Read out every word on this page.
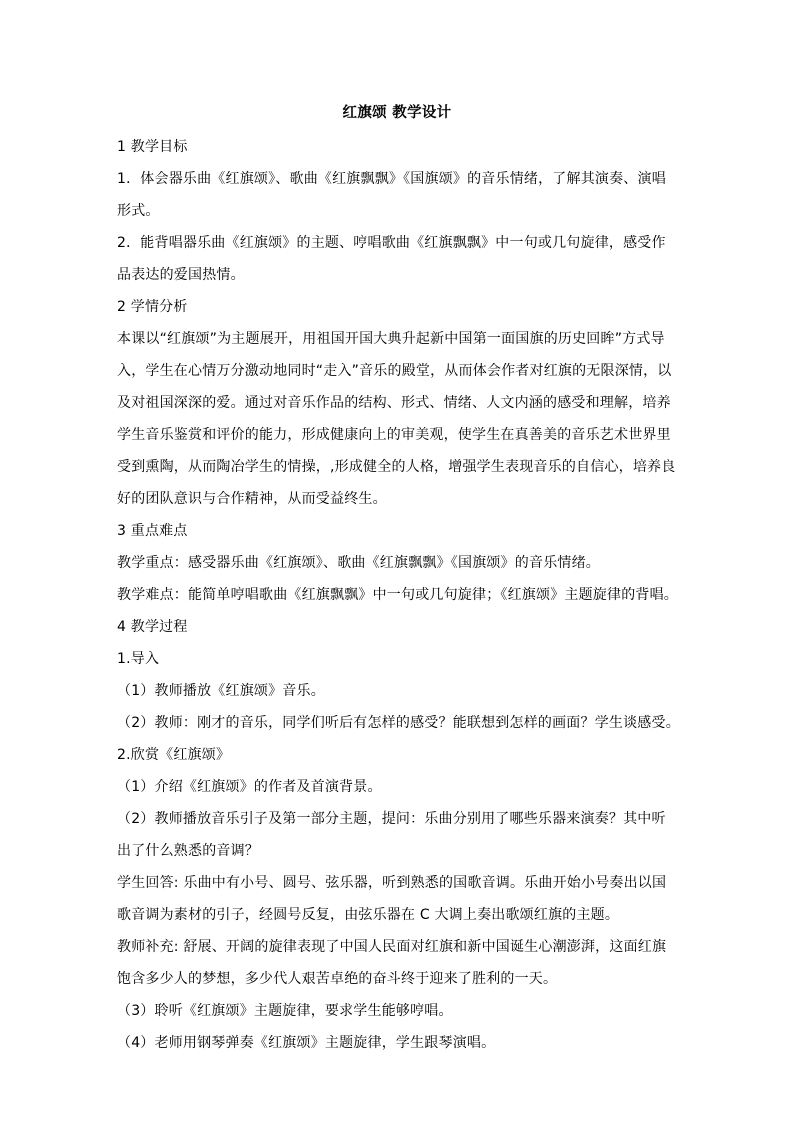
红旗颂 教学设计

1 教学目标

1．体会器乐曲《红旗颂》、歌曲《红旗飘飘》《国旗颂》的音乐情绪，了解其演奏、演唱形式。

2．能背唱器乐曲《红旗颂》的主题、哼唱歌曲《红旗飘飘》中一句或几句旋律，感受作品表达的爱国热情。

2 学情分析

本课以“红旗颂”为主题展开，用祖国开国大典升起新中国第一面国旗的历史回眸”方式导入，学生在心情万分激动地同时“走入”音乐的殿堂，从而体会作者对红旗的无限深情，以及对祖国深深的爱。通过对音乐作品的结构、形式、情绪、人文内涵的感受和理解，培养学生音乐鉴赏和评价的能力，形成健康向上的审美观，使学生在真善美的音乐艺术世界里受到熏陶，从而陶冶学生的情操，,形成健全的人格，增强学生表现音乐的自信心，培养良好的团队意识与合作精神，从而受益终生。

3 重点难点

教学重点：感受器乐曲《红旗颂》、歌曲《红旗飘飘》《国旗颂》的音乐情绪。

教学难点：能简单哼唱歌曲《红旗飘飘》中一句或几句旋律；《红旗颂》主题旋律的背唱。

4 教学过程

1.导入

（1）教师播放《红旗颂》音乐。

（2）教师：刚才的音乐，同学们听后有怎样的感受？能联想到怎样的画面？学生谈感受。

2.欣赏《红旗颂》

（1）介绍《红旗颂》的作者及首演背景。

（2）教师播放音乐引子及第一部分主题，提问：乐曲分别用了哪些乐器来演奏？其中听出了什么熟悉的音调？

学生回答: 乐曲中有小号、圆号、弦乐器，听到熟悉的国歌音调。乐曲开始小号奏出以国歌音调为素材的引子，经圆号反复，由弦乐器在 C 大调上奏出歌颂红旗的主题。

教师补充: 舒展、开阔的旋律表现了中国人民面对红旗和新中国诞生心潮澎湃，这面红旗饱含多少人的梦想，多少代人艰苦卓绝的奋斗终于迎来了胜利的一天。

（3）聆听《红旗颂》主题旋律，要求学生能够哼唱。

（4）老师用钢琴弹奏《红旗颂》主题旋律，学生跟琴演唱。
